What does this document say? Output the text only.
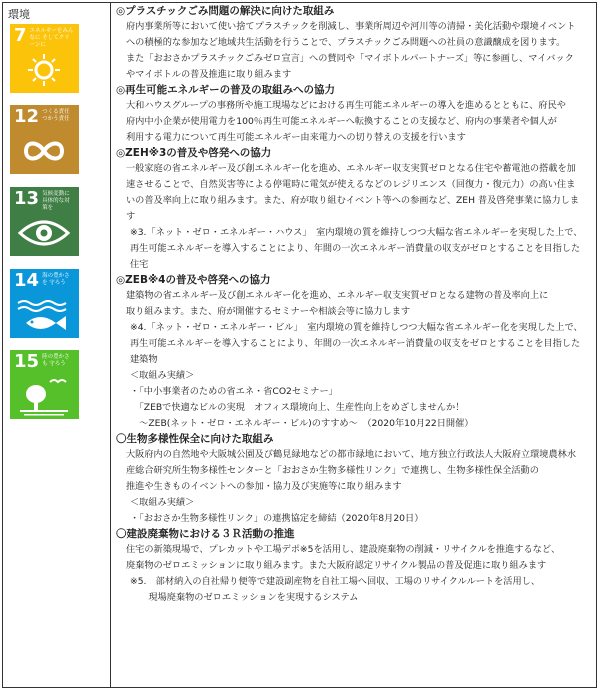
環境
7 エネルギーをみんなに そしてクリーンに
12 つくる責任 つかう責任
13 気候変動に 具体的な対策を
14 海の豊かさを 守ろう
15 陸の豊かさも 守ろう

◎プラスチックごみ問題の解決に向けた取組み

府内事業所等において使い捨てプラスチックを削減し、事業所周辺や河川等の清掃・美化活動や環境イベント

への積極的な参加など地域共生活動を行うことで、プラスチックごみ問題への社員の意識醸成を図ります。

また「おおさかプラスチックごみゼロ宣言」への賛同や「マイボトルパートナーズ」等に参画し、マイバック

やマイボトルの普及推進に取り組みます

◎再生可能エネルギーの普及の取組みへの協力

大和ハウスグループの事務所や施工現場などにおける再生可能エネルギーの導入を進めるとともに、府民や

府内中小企業が使用電力を100％再生可能エネルギーへ転換することの支援など、府内の事業者や個人が

利用する電力について再生可能エネルギー由来電力への切り替えの支援を行います

◎ZEH※3の普及や啓発への協力

一般家庭の省エネルギー及び創エネルギー化を進め、エネルギー収支実質ゼロとなる住宅や蓄電池の搭載を加

速させることで、自然災害等による停電時に電気が使えるなどのレジリエンス（回復力・復元力）の高い住ま

いの普及率向上に取り組みます。また、府が取り組むイベント等への参画など、ZEH 普及啓発事業に協力しま

す

※3.「ネット・ゼロ・エネルギー・ハウス」　室内環境の質を維持しつつ大幅な省エネルギーを実現した上で、

再生可能エネルギーを導入することにより、年間の一次エネルギー消費量の収支がゼロとすることを目指した

住宅

◎ZEB※4の普及や啓発への協力

建築物の省エネルギー及び創エネルギー化を進め、エネルギー収支実質ゼロとなる建物の普及率向上に

取り組みます。また、府が開催するセミナーや相談会等に協力します

※4.「ネット・ゼロ・エネルギー・ビル」　室内環境の質を維持しつつ大幅な省エネルギー化を実現した上で、

再生可能エネルギーを導入することにより、年間の一次エネルギー消費量の収支をゼロとすることを目指した

建築物

＜取組み実績＞

・「中小事業者のための省エネ・省CO2セミナー」

　「ZEBで快適なビルの実現　オフィス環境向上、生産性向上をめざしませんか！

　～ZEB(ネット・ゼロ・エネルギー・ビル)のすすめ～　（2020年10月22日開催）

〇生物多様性保全に向けた取組み

大阪府内の自然地や大阪城公園及び鶴見緑地などの都市緑地において、地方独立行政法人大阪府立環境農林水

産総合研究所生物多様性センターと「おおさか生物多様性リンク」で連携し、生物多様性保全活動の

推進や生きものイベントへの参加・協力及び実施等に取り組みます

＜取組み実績＞

・「おおさか生物多様性リンク」の連携協定を締結（2020年8月20日）

〇建設廃棄物における３Ｒ活動の推進

住宅の新築現場で、プレカットや工場デポ※5を活用し、建設廃棄物の削減・リサイクルを推進するなど、

廃棄物のゼロエミッションに取り組みます。また大阪府認定リサイクル製品の普及促進に取り組みます

※5.　部材納入の自社帰り便等で建設副産物を自社工場へ回収、工場のリサイクルルートを活用し、

　　現場廃棄物のゼロエミッションを実現するシステム
